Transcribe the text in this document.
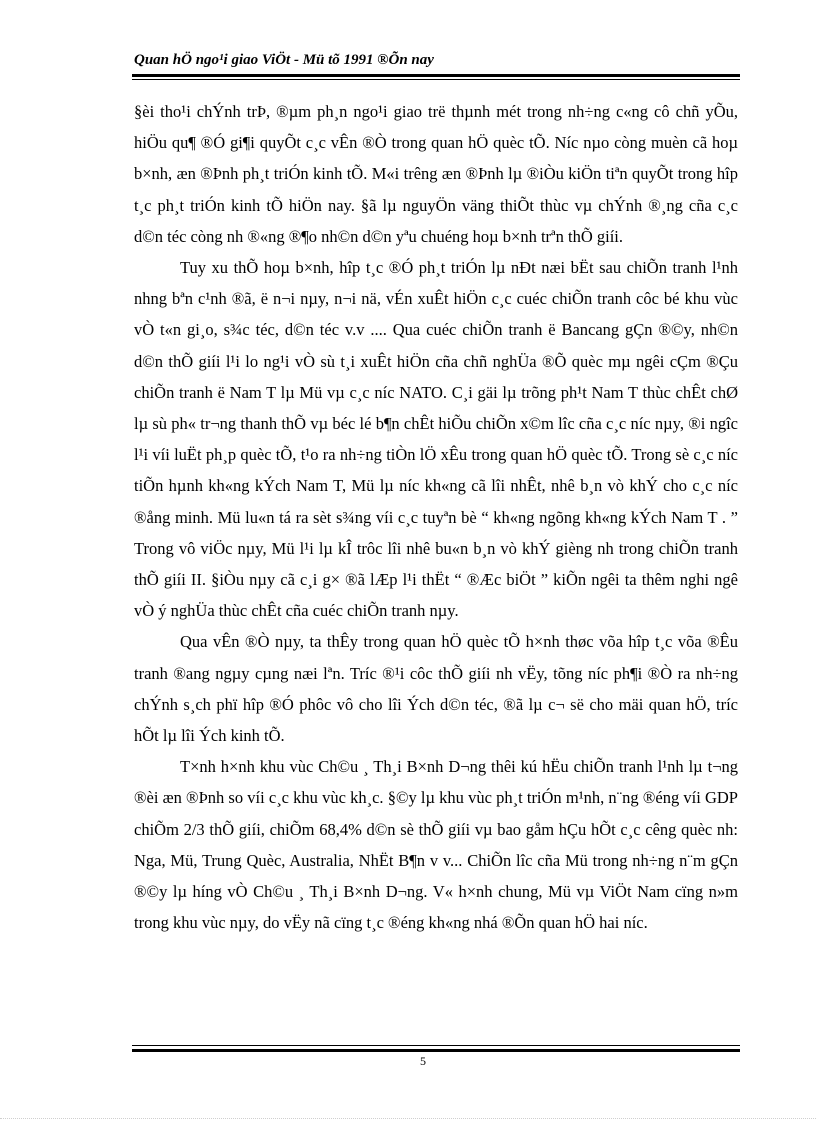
Quan hÖ ngo¹i giao ViÖt - Mü tõ 1991 ®Õn nay

§èi tho¹i chÝnh trÞ, ®µm ph¸n ngo¹i giao trë thµnh mét trong nh÷ng c«ng cô chñ yÕu, hiÖu qu¶ ®Ó gi¶i quyÕt c¸c vÊn ®Ò trong quan hÖ quèc tÕ. Níc nµo còng muèn cã hoµ b×nh, æn ®Þnh ph¸t triÓn kinh tÕ. M«i trêng æn ®Þnh lµ ®iÒu kiÖn tiªn quyÕt trong hîp t¸c ph¸t triÓn kinh tÕ hiÖn nay. §ã lµ nguyÖn väng thiÕt thùc vµ chÝnh ®¸ng cña c¸c d©n téc còng nh ®«ng ®¶o nh©n d©n yªu chuéng hoµ b×nh trªn thÕ giíi.

Tuy xu thÕ hoµ b×nh, hîp t¸c ®Ó ph¸t triÓn lµ nÐt næi bËt sau chiÕn tranh l¹nh nhng bªn c¹nh ®ã, ë n¬i nµy, n¬i nä, vÉn xuÊt hiÖn c¸c cuéc chiÕn tranh côc bé khu vùc vÒ t«n gi¸o, s¾c téc, d©n téc v.v .... Qua cuéc chiÕn tranh ë Bancang gÇn ®©y, nh©n d©n thÕ giíi l¹i lo ng¹i vÒ sù t¸i xuÊt hiÖn cña chñ nghÜa ®Õ quèc mµ ngêi cÇm ®Çu chiÕn tranh ë Nam T lµ Mü vµ c¸c níc NATO. C¸i gäi lµ trõng ph¹t Nam T thùc chÊt chØ lµ sù ph« tr¬ng thanh thÕ vµ béc lé b¶n chÊt hiÕu chiÕn x©m lîc cña c¸c níc nµy, ®i ngîc l¹i víi luËt ph¸p quèc tÕ, t¹o ra nh÷ng tiÒn lÖ xÊu trong quan hÖ quèc tÕ. Trong sè c¸c níc tiÕn hµnh kh«ng kÝch Nam T, Mü lµ níc kh«ng cã lîi nhÊt, nhê b¸n vò khÝ cho c¸c níc ®ång minh. Mü lu«n tá ra sèt s¾ng víi c¸c tuyªn bè “ kh«ng ngõng kh«ng kÝch Nam T . ” Trong vô viÖc nµy, Mü l¹i lµ kÎ trôc lîi nhê bu«n b¸n vò khÝ gièng nh trong chiÕn tranh thÕ giíi II. §iÒu nµy cã c¸i g× ®ã lÆp l¹i thËt “ ®Æc biÖt ” kiÕn ngêi ta thêm nghi ngê vÒ ý nghÜa thùc chÊt cña cuéc chiÕn tranh nµy.

Qua vÊn ®Ò nµy, ta thÊy trong quan hÖ quèc tÕ h×nh thøc võa hîp t¸c võa ®Êu tranh ®ang ngµy cµng næi lªn. Tríc ®¹i côc thÕ giíi nh vËy, tõng níc ph¶i ®Ò ra nh÷ng chÝnh s¸ch phï hîp ®Ó phôc vô cho lîi Ých d©n téc, ®ã lµ c¬ së cho mäi quan hÖ, tríc hÕt lµ lîi Ých kinh tÕ.

T×nh h×nh khu vùc Ch©u ¸ Th¸i B×nh D¬ng thêi kú hËu chiÕn tranh l¹nh lµ t¬ng ®èi æn ®Þnh so víi c¸c khu vùc kh¸c. §©y lµ khu vùc ph¸t triÓn m¹nh, n¨ng ®éng víi GDP chiÕm 2/3 thÕ giíi, chiÕm 68,4% d©n sè thÕ giíi vµ bao gåm hÇu hÕt c¸c cêng quèc nh: Nga, Mü, Trung Quèc, Australia, NhËt B¶n v v... ChiÕn lîc cña Mü trong nh÷ng n¨m gÇn ®©y lµ híng vÒ Ch©u ¸ Th¸i B×nh D¬ng. V« h×nh chung, Mü vµ ViÖt Nam cïng n»m trong khu vùc nµy, do vËy nã cïng t¸c ®éng kh«ng nhá ®Õn quan hÖ hai níc.

5
